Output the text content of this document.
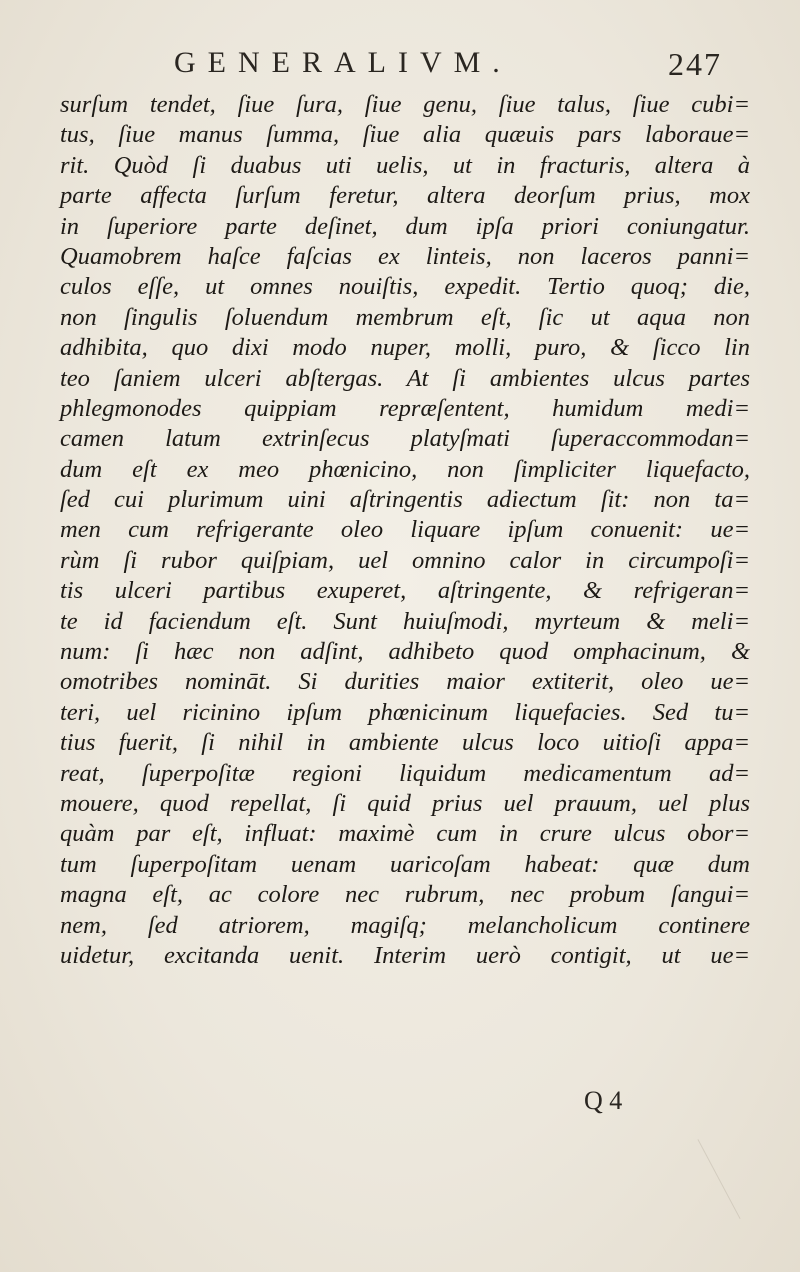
GENERALIVM.	247
surſum tendet, ſiue ſura, ſiue genu, ſiue talus, ſiue cubi=
tus, ſiue manus ſumma, ſiue alia quæuis pars laboraue=
rit. Quòd ſi duabus uti uelis, ut in fracturis, altera à
parte affecta ſurſum feretur, altera deorſum prius, mox
in ſuperiore parte deſinet, dum ipſa priori coniungatur.
Quamobrem haſce faſcias ex linteis, non laceros panni=
culos eſſe, ut omnes nouiſtis, expedit. Tertio quoq; die,
non ſingulis ſoluendum membrum eſt, ſic ut aqua non
adhibita, quo dixi modo nuper, molli, puro, & ſicco lin
teo ſaniem ulceri abſtergas. At ſi ambientes ulcus partes
phlegmonodes quippiam repræſentent, humidum medi=
camen latum extrinſecus platyſmati ſuperaccommodan=
dum eſt ex meo phœnicino, non ſimpliciter liquefacto,
ſed cui plurimum uini aſtringentis adiectum ſit: non ta=
men cum refrigerante oleo liquare ipſum conuenit: ue=
rùm ſi rubor quiſpiam, uel omnino calor in circumpoſi=
tis ulceri partibus exuperet, aſtringente, & refrigeran=
te id faciendum eſt. Sunt huiuſmodi, myrteum & meli=
num: ſi hæc non adſint, adhibeto quod omphacinum, &
omotribes nomināt. Si durities maior extiterit, oleo ue=
teri, uel ricinino ipſum phœnicinum liquefacies. Sed tu=
tius fuerit, ſi nihil in ambiente ulcus loco uitioſi appa=
reat, ſuperpoſitæ regioni liquidum medicamentum ad=
mouere, quod repellat, ſi quid prius uel prauum, uel plus
quàm par eſt, influat: maximè cum in crure ulcus obor=
tum ſuperpoſitam uenam uaricoſam habeat: quæ dum
magna eſt, ac colore nec rubrum, nec probum ſangui=
nem, ſed atriorem, magiſq; melancholicum continere
uidetur, excitanda uenit. Interim uerò contigit, ut ue=
Q 4
